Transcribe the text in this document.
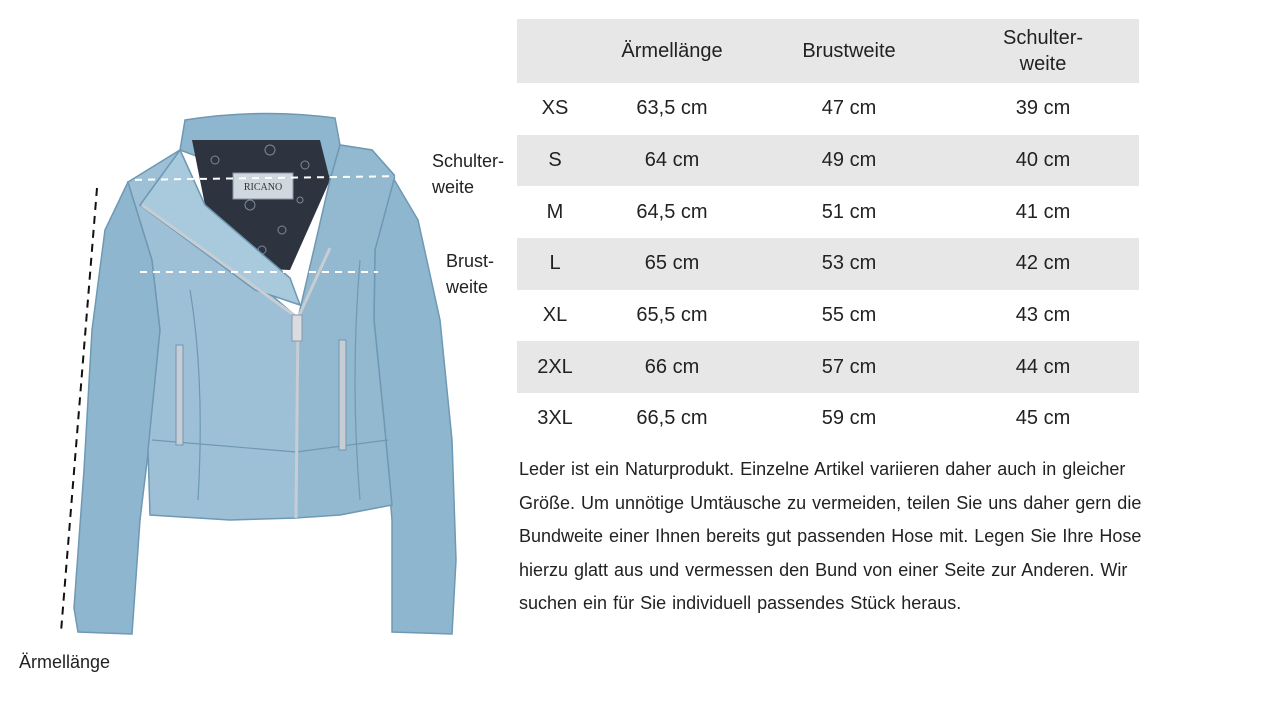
RICANO
Schulter-
weite
Brust-
weite
Ärmellänge
	Ärmellänge	Brustweite	Schulter-
weite
XS	63,5 cm	47 cm	39 cm
S	64 cm	49 cm	40 cm
M	64,5 cm	51 cm	41 cm
L	65 cm	53 cm	42 cm
XL	65,5 cm	55 cm	43 cm
2XL	66 cm	57 cm	44 cm
3XL	66,5 cm	59 cm	45 cm

Leder ist ein Naturprodukt. Einzelne Artikel variieren daher auch in gleicher Größe. Um unnötige Umtäusche zu vermeiden, teilen Sie uns daher gern die Bundweite einer Ihnen bereits gut passenden Hose mit. Legen Sie Ihre Hose hierzu glatt aus und vermessen den Bund von einer Seite zur Anderen. Wir suchen ein für Sie individuell passendes Stück heraus.
